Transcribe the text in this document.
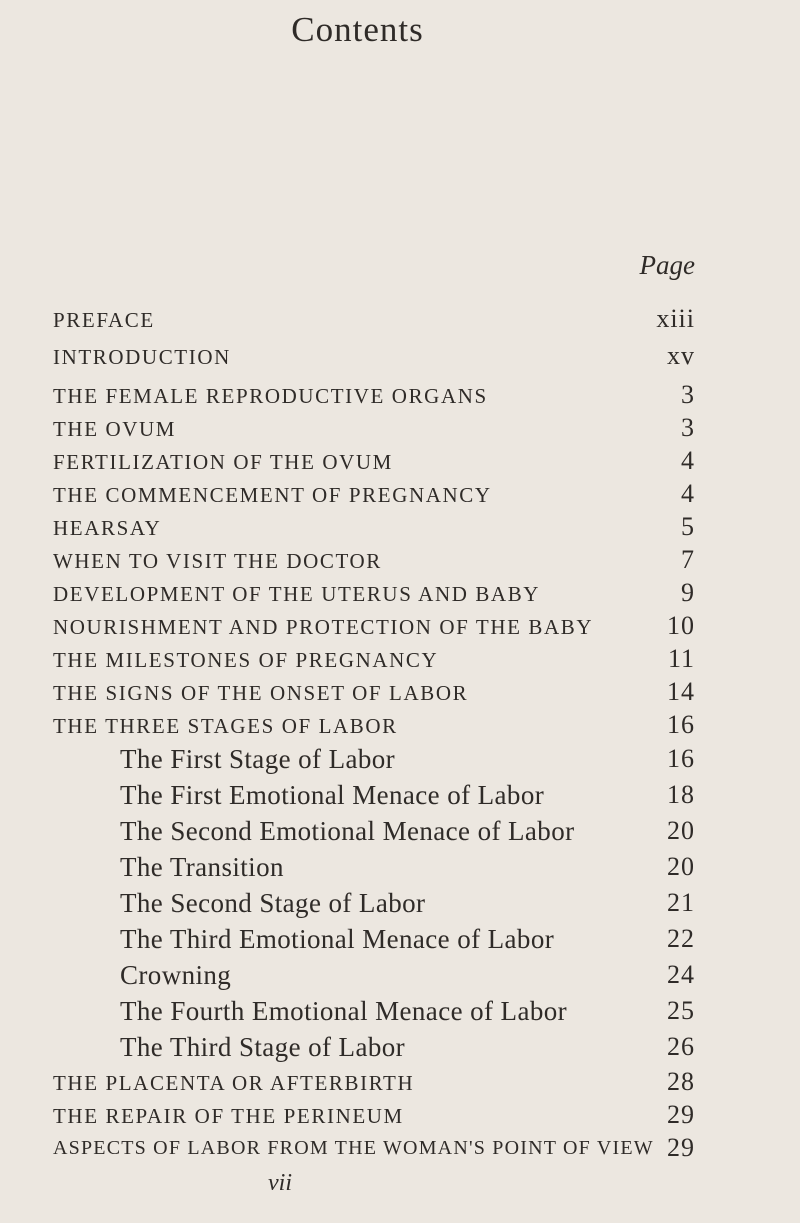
Contents
Page
PREFACE	xiii
INTRODUCTION	xv
THE FEMALE REPRODUCTIVE ORGANS	3
THE OVUM	3
FERTILIZATION OF THE OVUM	4
THE COMMENCEMENT OF PREGNANCY	4
HEARSAY	5
WHEN TO VISIT THE DOCTOR	7
DEVELOPMENT OF THE UTERUS AND BABY	9
NOURISHMENT AND PROTECTION OF THE BABY	10
THE MILESTONES OF PREGNANCY	11
THE SIGNS OF THE ONSET OF LABOR	14
THE THREE STAGES OF LABOR	16
The First Stage of Labor	16
The First Emotional Menace of Labor	18
The Second Emotional Menace of Labor	20
The Transition	20
The Second Stage of Labor	21
The Third Emotional Menace of Labor	22
Crowning	24
The Fourth Emotional Menace of Labor	25
The Third Stage of Labor	26
THE PLACENTA OR AFTERBIRTH	28
THE REPAIR OF THE PERINEUM	29
ASPECTS OF LABOR FROM THE WOMAN'S POINT OF VIEW 29
vii
